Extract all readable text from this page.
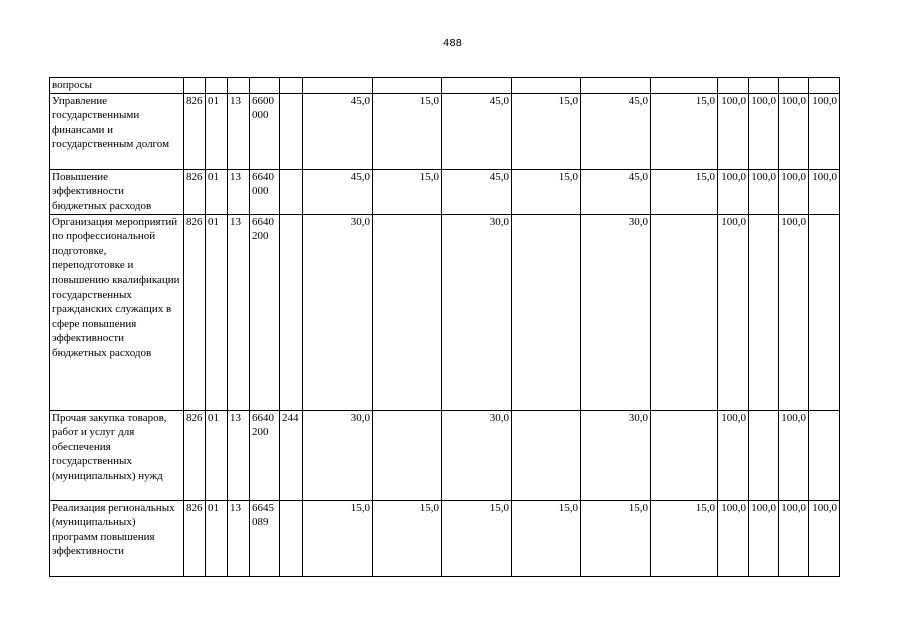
488
вопросы															
Управление государственными финансами и государственным долгом	826	01	13	6600 000		45,0	15,0	45,0	15,0	45,0	15,0	100,0	100,0	100,0	100,0
Повышение эффективности бюджетных расходов	826	01	13	6640 000		45,0	15,0	45,0	15,0	45,0	15,0	100,0	100,0	100,0	100,0
Организация мероприятий по профессиональной подготовке, переподготовке и повышению квалификации государственных гражданских служащих в сфере повышения эффективности бюджетных расходов	826	01	13	6640 200		30,0		30,0		30,0		100,0		100,0	
Прочая закупка товаров, работ и услуг для обеспечения государственных (муниципальных) нужд	826	01	13	6640 200	244	30,0		30,0		30,0		100,0		100,0	
Реализация региональных (муниципальных) программ повышения эффективности	826	01	13	6645 089		15,0	15,0	15,0	15,0	15,0	15,0	100,0	100,0	100,0	100,0
